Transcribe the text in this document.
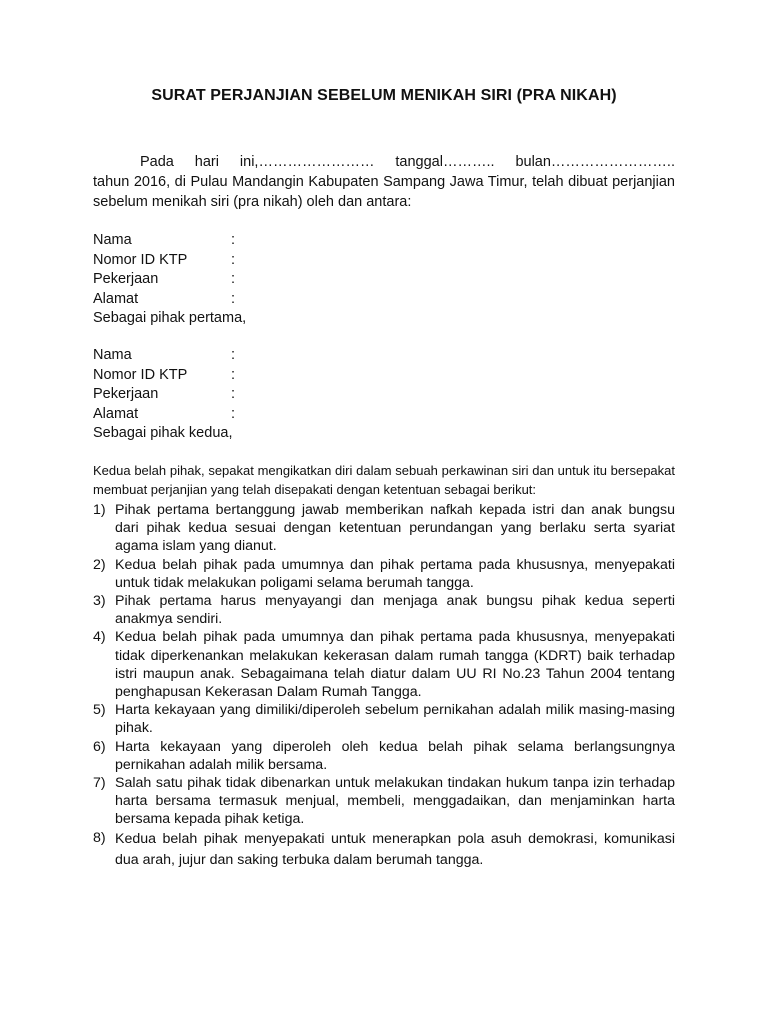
SURAT PERJANJIAN SEBELUM MENIKAH SIRI (PRA NIKAH)
Pada hari ini,…………………… tanggal……….. bulan……………………..
tahun 2016, di Pulau Mandangin Kabupaten Sampang Jawa Timur, telah dibuat perjanjian sebelum menikah siri (pra nikah) oleh dan antara:
Nama	:
Nomor ID KTP	:
Pekerjaan	:
Alamat	:
Sebagai pihak pertama,
Nama	:
Nomor ID KTP	:
Pekerjaan	:
Alamat	:
Sebagai pihak kedua,
Kedua belah pihak, sepakat mengikatkan diri dalam sebuah perkawinan siri dan untuk itu bersepakat membuat perjanjian yang telah disepakati dengan ketentuan sebagai berikut:
1) Pihak pertama bertanggung jawab memberikan nafkah kepada istri dan anak bungsu dari pihak kedua sesuai dengan ketentuan perundangan yang berlaku serta syariat agama islam yang dianut.
2) Kedua belah pihak pada umumnya dan pihak pertama pada khususnya, menyepakati untuk tidak melakukan poligami selama berumah tangga.
3) Pihak pertama harus menyayangi dan menjaga anak bungsu pihak kedua seperti anakmya sendiri.
4) Kedua belah pihak pada umumnya dan pihak pertama pada khususnya, menyepakati tidak diperkenankan melakukan kekerasan dalam rumah tangga (KDRT) baik terhadap istri maupun anak. Sebagaimana telah diatur dalam UU RI No.23 Tahun 2004 tentang penghapusan Kekerasan Dalam Rumah Tangga.
5) Harta kekayaan yang dimiliki/diperoleh sebelum pernikahan adalah milik masing-masing pihak.
6) Harta kekayaan yang diperoleh oleh kedua belah pihak selama berlangsungnya pernikahan adalah milik bersama.
7) Salah satu pihak tidak dibenarkan untuk melakukan tindakan hukum tanpa izin terhadap harta bersama termasuk menjual, membeli, menggadaikan, dan menjaminkan harta bersama kepada pihak ketiga.
8) Kedua belah pihak menyepakati untuk menerapkan pola asuh demokrasi, komunikasi dua arah, jujur dan saking terbuka dalam berumah tangga.
